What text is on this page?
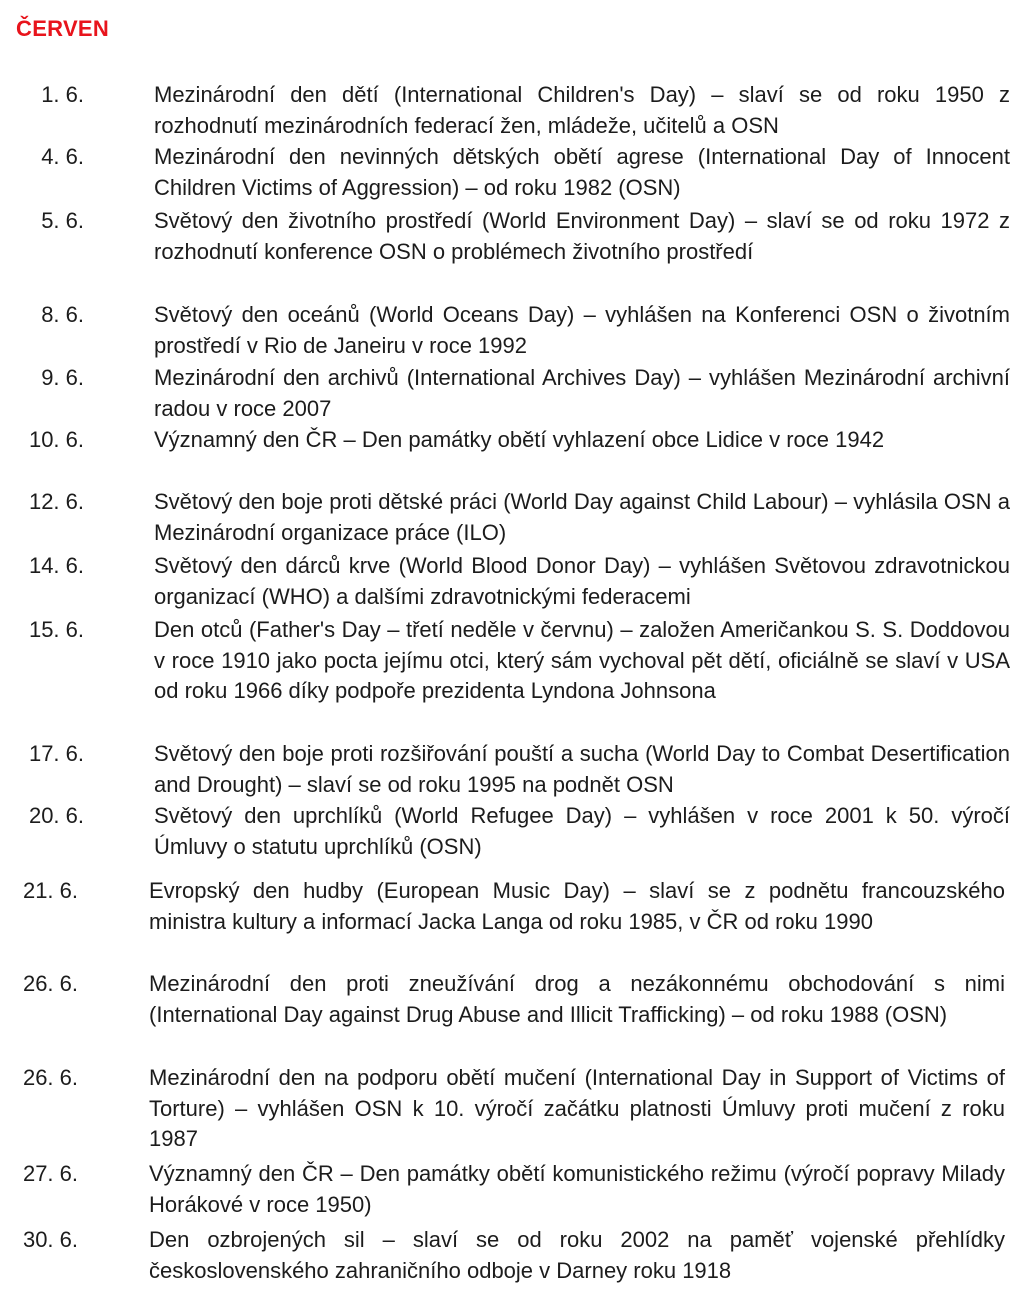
ČERVEN
1. 6.	Mezinárodní den dětí (International Children's Day) – slaví se od roku 1950 z rozhodnutí mezinárodních federací žen, mládeže, učitelů a OSN
4. 6.	Mezinárodní den nevinných dětských obětí agrese (International Day of Innocent Children Victims of Aggression) – od roku 1982 (OSN)
5. 6.	Světový den životního prostředí (World Environment Day) – slaví se od roku 1972 z rozhodnutí konference OSN o problémech životního prostředí
8. 6.	Světový den oceánů (World Oceans Day) – vyhlášen na Konferenci OSN o životním prostředí v Rio de Janeiru v roce 1992
9. 6.	Mezinárodní den archivů (International Archives Day) – vyhlášen Mezinárodní archivní radou v roce 2007
10. 6.	Významný den ČR – Den památky obětí vyhlazení obce Lidice v roce 1942
12. 6.	Světový den boje proti dětské práci (World Day against Child Labour) – vyhlásila OSN a Mezinárodní organizace práce (ILO)
14. 6.	Světový den dárců krve (World Blood Donor Day) – vyhlášen Světovou zdravotnickou organizací (WHO) a dalšími zdravotnickými federacemi
15. 6.	Den otců (Father's Day – třetí neděle v červnu) – založen Američankou S. S. Doddovou v roce 1910 jako pocta jejímu otci, který sám vychoval pět dětí, oficiálně se slaví v USA od roku 1966 díky podpoře prezidenta Lyndona Johnsona
17. 6.	Světový den boje proti rozšiřování pouští a sucha (World Day to Combat Desertification and Drought) – slaví se od roku 1995 na podnět OSN
20. 6.	Světový den uprchlíků (World Refugee Day) – vyhlášen v roce 2001 k 50. výročí Úmluvy o statutu uprchlíků (OSN)
21. 6.	Evropský den hudby (European Music Day) – slaví se z podnětu francouzského ministra kultury a informací Jacka Langa od roku 1985, v ČR od roku 1990
26. 6.	Mezinárodní den proti zneužívání drog a nezákonnému obchodování s nimi (International Day against Drug Abuse and Illicit Trafficking) – od roku 1988 (OSN)
26. 6.	Mezinárodní den na podporu obětí mučení (International Day in Support of Victims of Torture) – vyhlášen OSN k 10. výročí začátku platnosti Úmluvy proti mučení z roku 1987
27. 6.	Významný den ČR – Den památky obětí komunistického režimu (výročí popravy Milady Horákové v roce 1950)
30. 6.	Den ozbrojených sil – slaví se od roku 2002 na paměť vojenské přehlídky československého zahraničního odboje v Darney roku 1918
